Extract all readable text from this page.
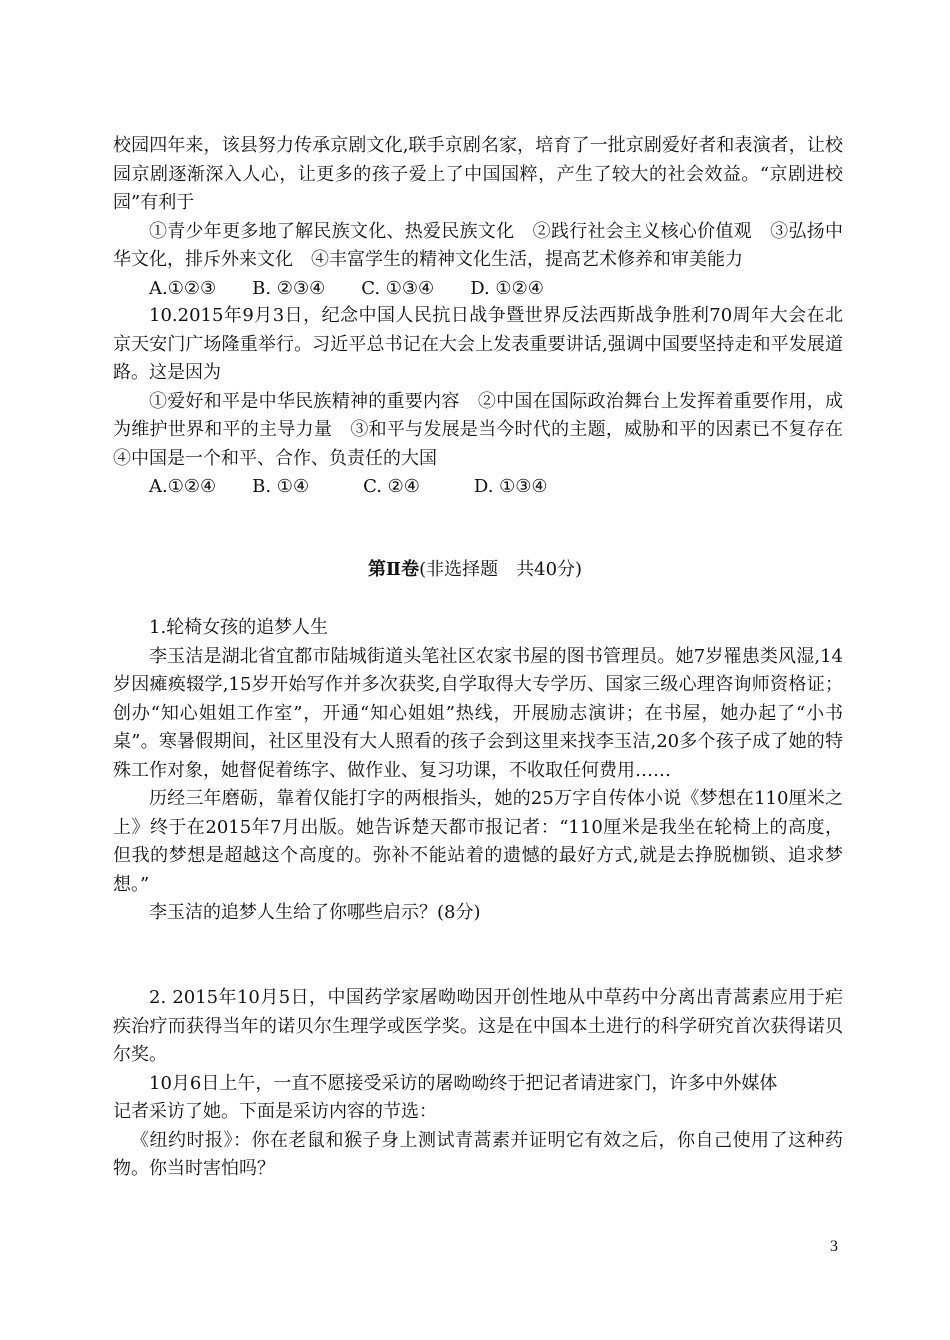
校园四年来，该县努力传承京剧文化,联手京剧名家，培育了一批京剧爱好者和表演者，让校园京剧逐渐深入人心，让更多的孩子爱上了中国国粹，产生了较大的社会效益。“京剧进校园”有利于

①青少年更多地了解民族文化、热爱民族文化　②践行社会主义核心价值观　③弘扬中华文化，排斥外来文化　④丰富学生的精神文化生活，提高艺术修养和审美能力

A.①②③　　B. ②③④　　C. ①③④　　D. ①②④

10.2015年9月3日，纪念中国人民抗日战争暨世界反法西斯战争胜利70周年大会在北京天安门广场隆重举行。习近平总书记在大会上发表重要讲话,强调中国要坚持走和平发展道路。这是因为

①爱好和平是中华民族精神的重要内容　②中国在国际政治舞台上发挥着重要作用，成为维护世界和平的主导力量　③和平与发展是当今时代的主题，威胁和平的因素已不复存在　④中国是一个和平、合作、负责任的大国

A.①②④　　B. ①④　　　C. ②④　　　D. ①③④

第Ⅱ卷(非选择题　共40分)

1.轮椅女孩的追梦人生

李玉洁是湖北省宜都市陆城街道头笔社区农家书屋的图书管理员。她7岁罹患类风湿,14岁因瘫痪辍学,15岁开始写作并多次获奖,自学取得大专学历、国家三级心理咨询师资格证；创办“知心姐姐工作室”，开通“知心姐姐”热线，开展励志演讲；在书屋，她办起了“小书桌”。寒暑假期间，社区里没有大人照看的孩子会到这里来找李玉洁,20多个孩子成了她的特殊工作对象，她督促着练字、做作业、复习功课，不收取任何费用……

历经三年磨砺，靠着仅能打字的两根指头，她的25万字自传体小说《梦想在110厘米之上》终于在2015年7月出版。她告诉楚天都市报记者：“110厘米是我坐在轮椅上的高度，但我的梦想是超越这个高度的。弥补不能站着的遗憾的最好方式,就是去挣脱枷锁、追求梦想。”

李玉洁的追梦人生给了你哪些启示？(8分)

2. 2015年10月5日，中国药学家屠呦呦因开创性地从中草药中分离出青蒿素应用于疟疾治疗而获得当年的诺贝尔生理学或医学奖。这是在中国本土进行的科学研究首次获得诺贝尔奖。

10月6日上午，一直不愿接受采访的屠呦呦终于把记者请进家门，许多中外媒体

记者采访了她。下面是采访内容的节选：

《纽约时报》：你在老鼠和猴子身上测试青蒿素并证明它有效之后，你自己使用了这种药物。你当时害怕吗？

3
